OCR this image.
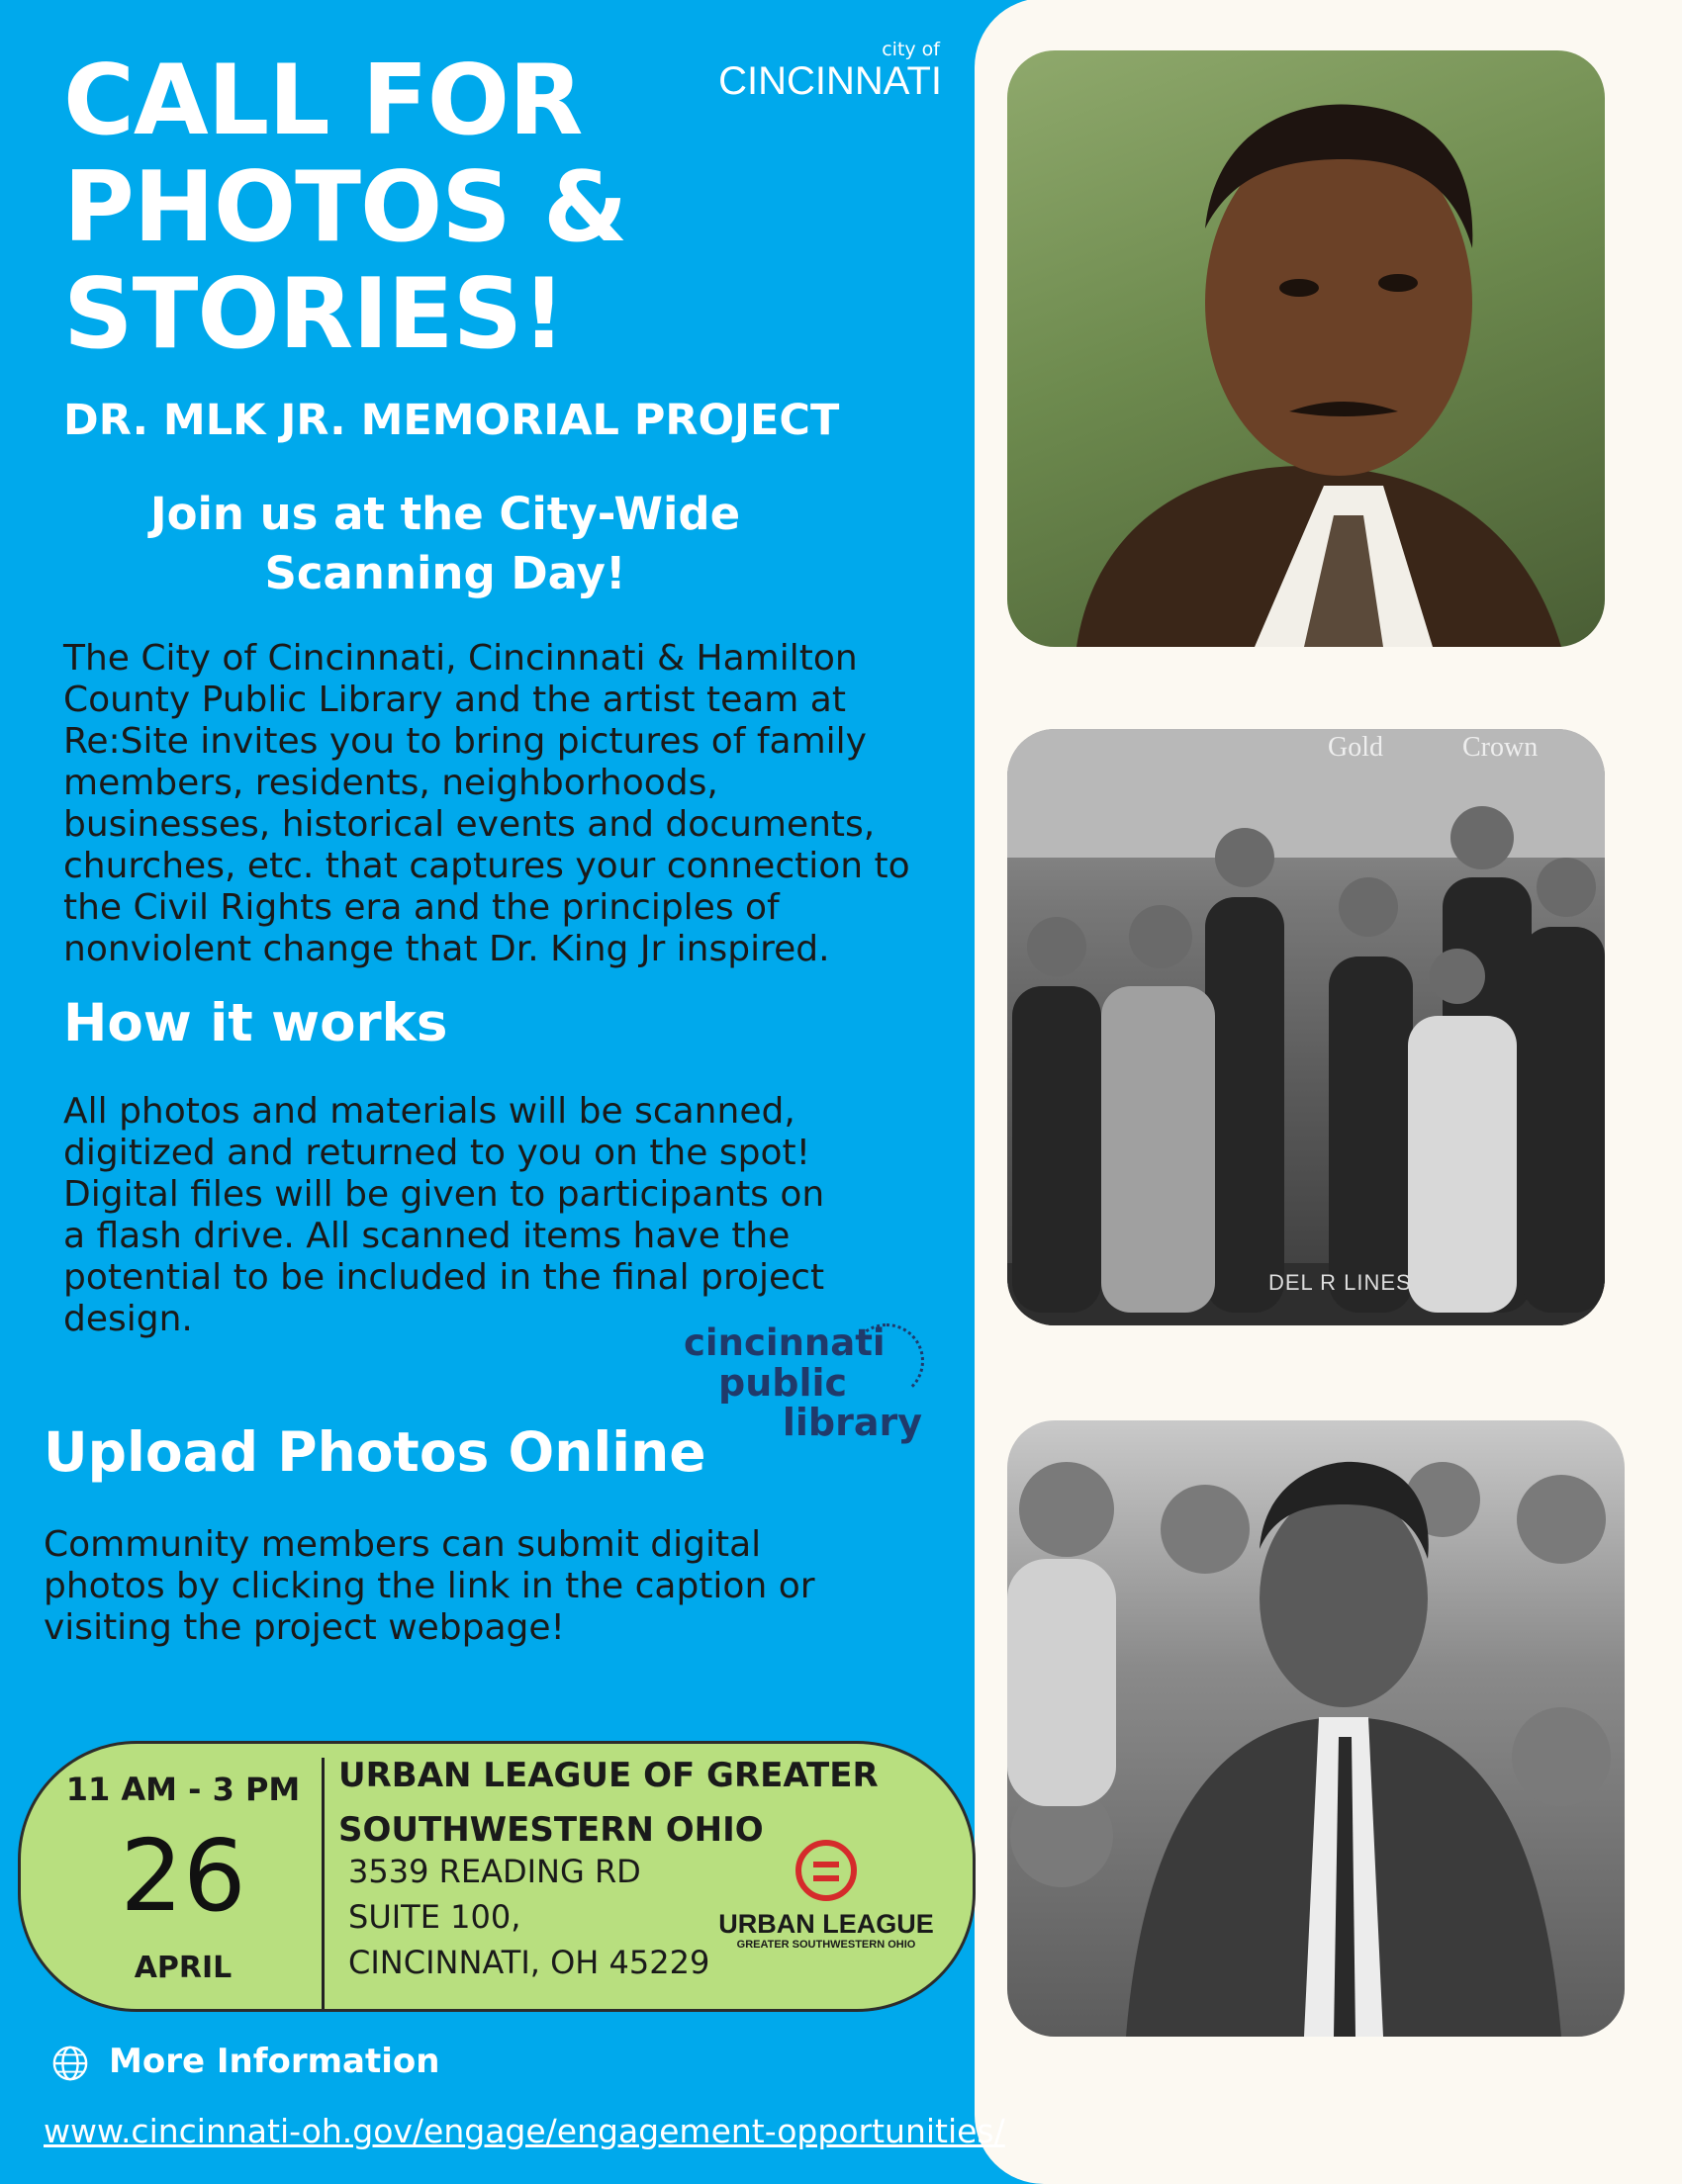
city of
CINCINNATI
CALL FOR
PHOTOS &
STORIES!

DR. MLK JR. MEMORIAL PROJECT

Join us at the City-Wide
Scanning Day!

The City of Cincinnati, Cincinnati & Hamilton
County Public Library and the artist team at
Re:Site invites you to bring pictures of family
members, residents, neighborhoods,
businesses, historical events and documents,
churches, etc. that captures your connection to
the Civil Rights era and the principles of
nonviolent change that Dr. King Jr inspired.

How it works

All photos and materials will be scanned,
digitized and returned to you on the spot!
Digital files will be given to participants on
a flash drive. All scanned items have the
potential to be included in the final project
design.

cincinnati
public
library
Upload Photos Online

Community members can submit digital
photos by clicking the link in the caption or
visiting the project webpage!

11 AM - 3 PM

26

APRIL

URBAN LEAGUE OF GREATER
SOUTHWESTERN OHIO

3539 READING RD
SUITE 100,
CINCINNATI, OH 45229

URBAN LEAGUE
GREATER SOUTHWESTERN OHIO

More Information

www.cincinnati-oh.gov/engage/engagement-opportunities/
Gold	Crown
DEL R LINES
